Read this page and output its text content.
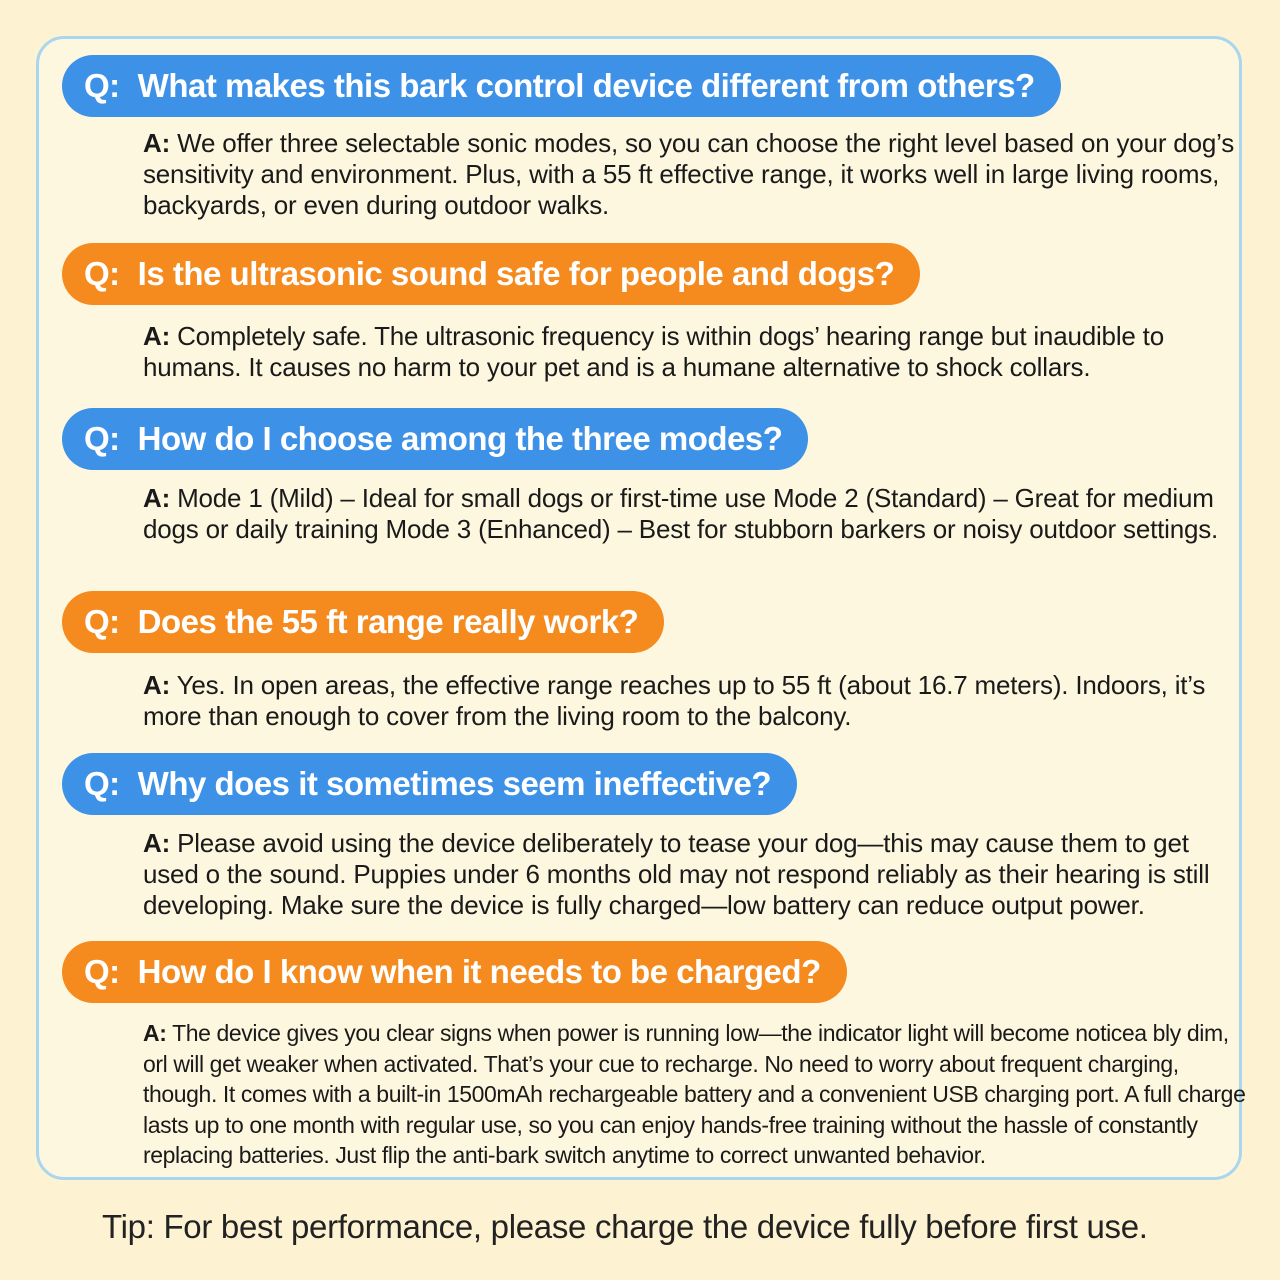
Q: What makes this bark control device different from others?
A: We offer three selectable sonic modes, so you can choose the right level based on your dog’s sensitivity and environment. Plus, with a 55 ft effective range, it works well in large living rooms, backyards, or even during outdoor walks.
Q: Is the ultrasonic sound safe for people and dogs?
A: Completely safe. The ultrasonic frequency is within dogs’ hearing range but inaudible to humans. It causes no harm to your pet and is a humane alternative to shock collars.
Q: How do I choose among the three modes?
A: Mode 1 (Mild) – Ideal for small dogs or first-time use Mode 2 (Standard) – Great for medium dogs or daily training Mode 3 (Enhanced) – Best for stubborn barkers or noisy outdoor settings.
Q: Does the 55 ft range really work?
A: Yes. In open areas, the effective range reaches up to 55 ft (about 16.7 meters). Indoors, it’s more than enough to cover from the living room to the balcony.
Q: Why does it sometimes seem ineffective?
A: Please avoid using the device deliberately to tease your dog—this may cause them to get used o the sound. Puppies under 6 months old may not respond reliably as their hearing is still developing. Make sure the device is fully charged—low battery can reduce output power.
Q: How do I know when it needs to be charged?
A: The device gives you clear signs when power is running low—the indicator light will become noticea bly dim, orl will get weaker when activated. That’s your cue to recharge. No need to worry about frequent charging, though. It comes with a built-in 1500mAh rechargeable battery and a convenient USB charging port. A full charge lasts up to one month with regular use, so you can enjoy hands-free training without the hassle of constantly replacing batteries. Just flip the anti-bark switch anytime to correct unwanted behavior.
Tip: For best performance, please charge the device fully before first use.
